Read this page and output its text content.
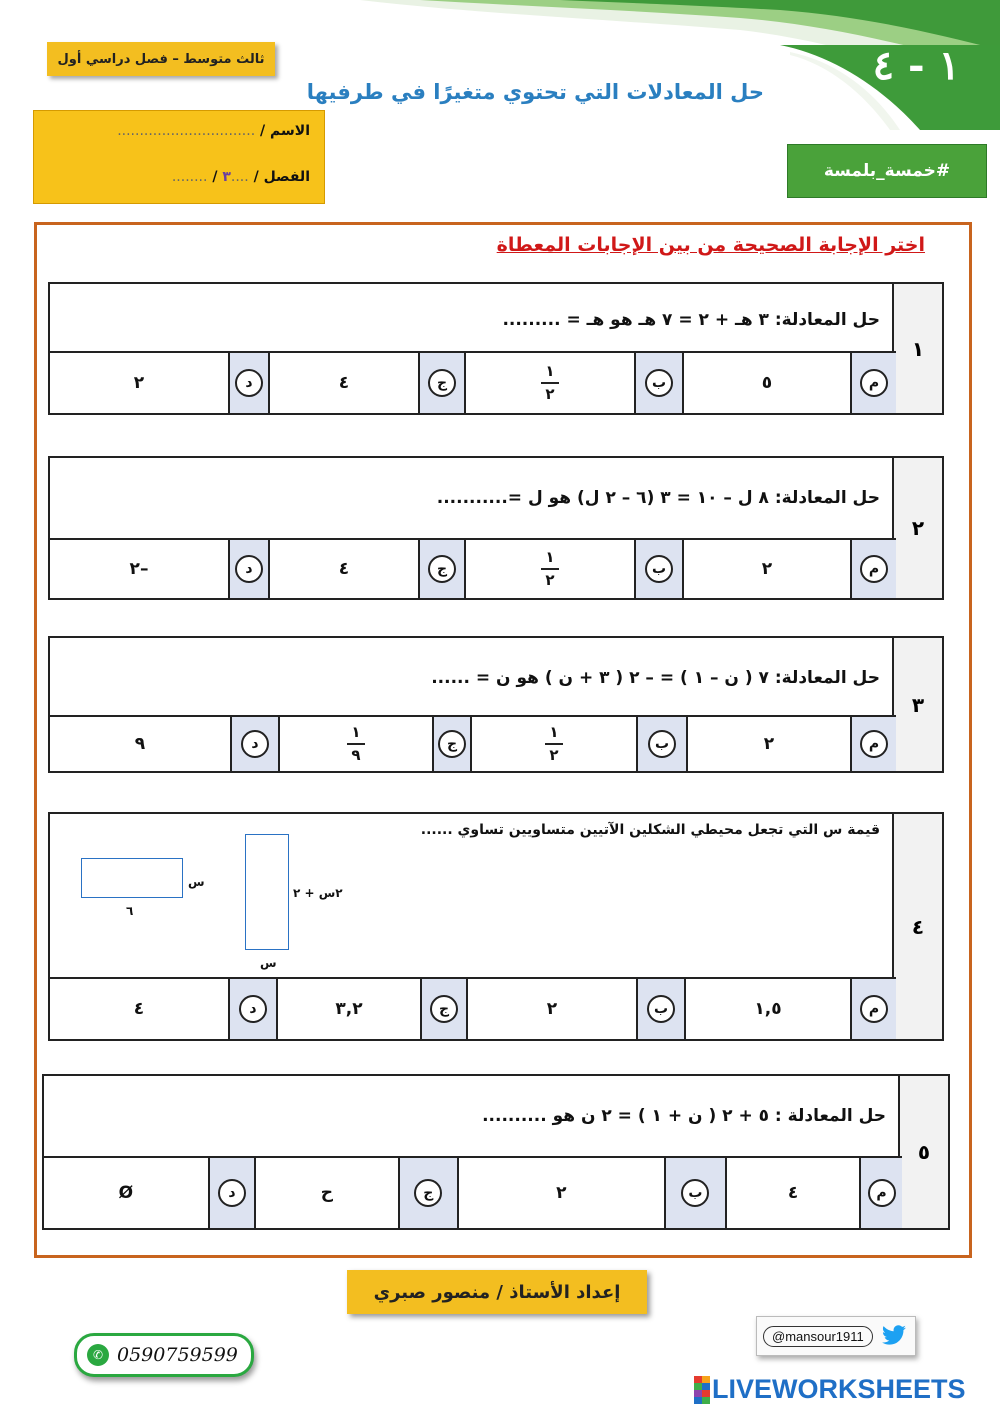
١ - ٤
حل المعادلات التي تحتوي متغيرًا في طرفيها
ثالث متوسط – فصل دراسي أول
الاسم / ...............................
الفصل / ....٣ / ........	#خمسة_بلمسة
اختر الإجابة الصحيحة من بين الإجابات المعطاة
١
حل المعادلة: ٣ هـ + ٢ = ٧ هـ هو هـ = .........
م
٥
ب
$\frac{١}{٢}$
ج
٤
د
٢
٢
حل المعادلة: ٨ ل – ١٠ = ٣ (٦ – ٢ ل) هو ل =...........
م
٢
ب
$\frac{١}{٢}$
ج
٤
د
٢–
٣
حل المعادلة: ٧ ( ن – ١ ) = – ٢ ( ٣ + ن ) هو ن = ......
م
٢
ب
$\frac{١}{٢}$
ج
$\frac{١}{٩}$
د
٩
٤
قيمة س التي تجعل محيطي الشكلين الآتيين متساويين تساوي ......
٢س + ٢
س
س
٦
م
١,٥
ب
٢
ج
٣,٢
د
٤
٥
حل المعادلة : ٥ + ٢ ( ن + ١ ) = ٢ ن هو ..........
م
٤
ب
٢
ج
ح
د
Ø
إعداد الأستاذ / منصور صبري
✆ 0590759599
@mansour1911
LIVEWORKSHEETS
